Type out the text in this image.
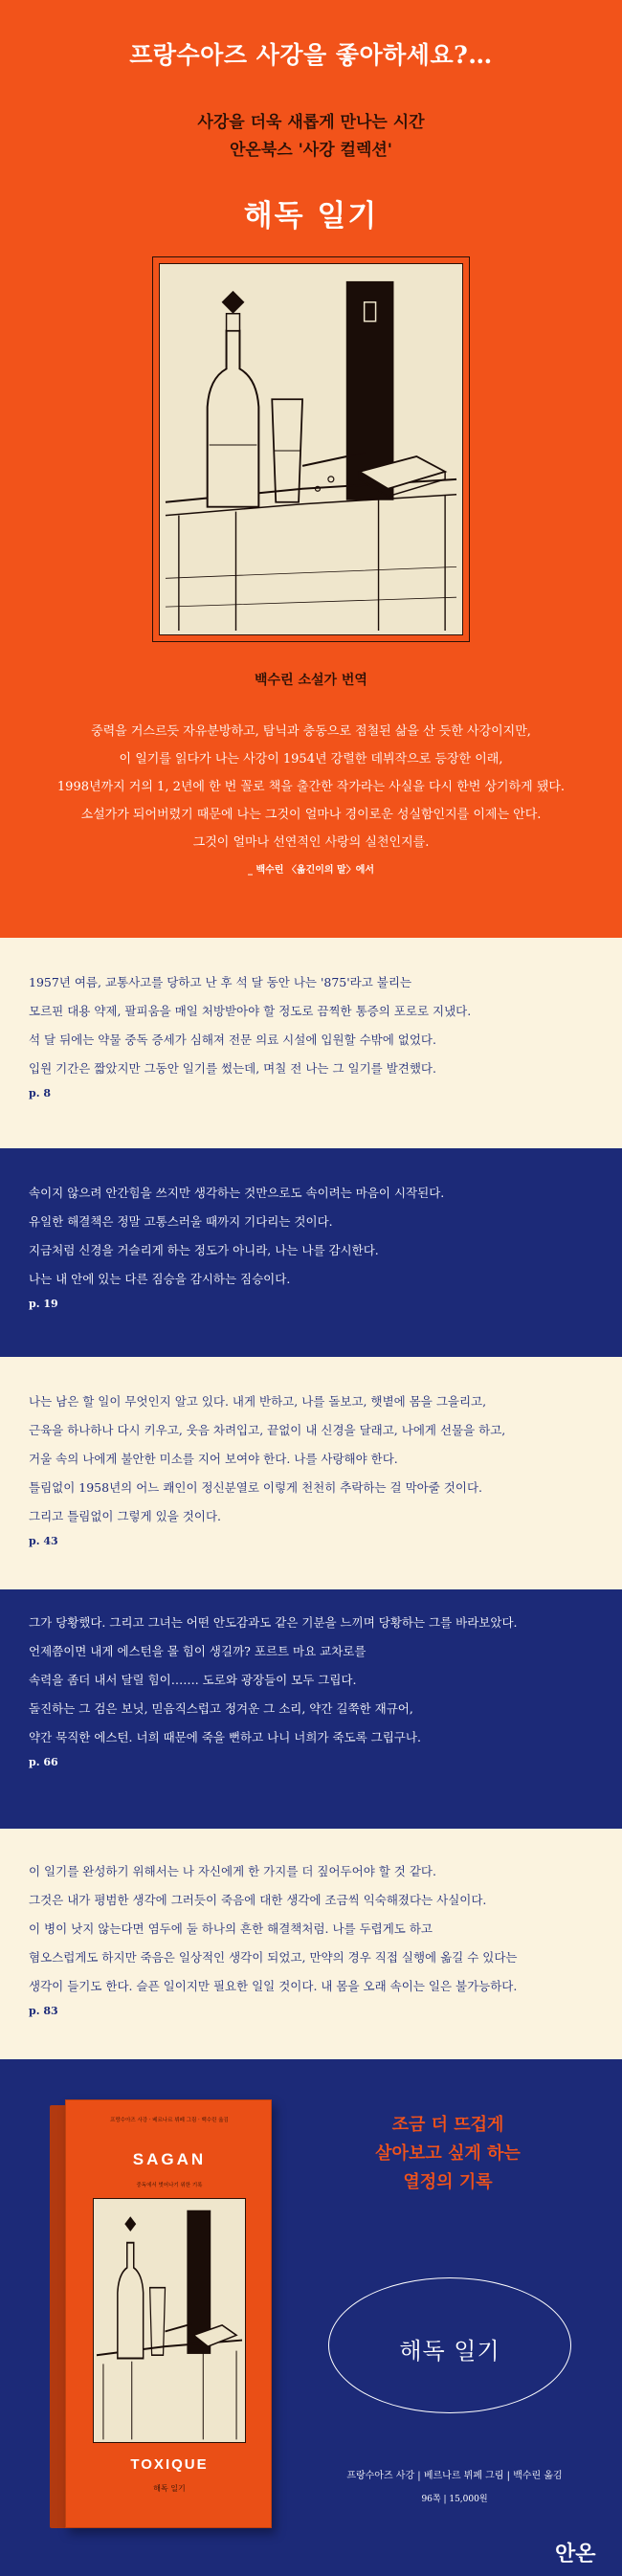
프랑수아즈 사강을 좋아하세요?…
사강을 더욱 새롭게 만나는 시간
안온북스 '사강 컬렉션'
해독 일기
백수린 소설가 번역
중력을 거스르듯 자유분방하고, 탐닉과 충동으로 점철된 삶을 산 듯한 사강이지만,
이 일기를 읽다가 나는 사강이 1954년 강렬한 데뷔작으로 등장한 이래,
1998년까지 거의 1, 2년에 한 번 꼴로 책을 출간한 작가라는 사실을 다시 한번 상기하게 됐다.
소설가가 되어버렸기 때문에 나는 그것이 얼마나 경이로운 성실함인지를 이제는 안다.
그것이 얼마나 선연적인 사랑의 실천인지를.
_ 백수린 〈옮긴이의 말〉에서
1957년 여름, 교통사고를 당하고 난 후 석 달 동안 나는 '875'라고 불리는
모르핀 대용 약제, 팔피움을 매일 처방받아야 할 정도로 끔찍한 통증의 포로로 지냈다.
석 달 뒤에는 약물 중독 증세가 심해져 전문 의료 시설에 입원할 수밖에 없었다.
입원 기간은 짧았지만 그동안 일기를 썼는데, 며칠 전 나는 그 일기를 발견했다.
p. 8
속이지 않으려 안간힘을 쓰지만 생각하는 것만으로도 속이려는 마음이 시작된다.
유일한 해결책은 정말 고통스러울 때까지 기다리는 것이다.
지금처럼 신경을 거슬리게 하는 정도가 아니라, 나는 나를 감시한다.
나는 내 안에 있는 다른 짐승을 감시하는 짐승이다.
p. 19
나는 남은 할 일이 무엇인지 알고 있다. 내게 반하고, 나를 돌보고, 햇볕에 몸을 그을리고,
근육을 하나하나 다시 키우고, 웃음 차려입고, 끝없이 내 신경을 달래고, 나에게 선물을 하고,
거울 속의 나에게 불안한 미소를 지어 보여야 한다. 나를 사랑해야 한다.
틀림없이 1958년의 어느 쾌인이 정신분열로 이렇게 천천히 추락하는 걸 막아줄 것이다.
그리고 틀림없이 그렇게 있을 것이다.
p. 43
그가 당황했다. 그리고 그녀는 어떤 안도감과도 같은 기분을 느끼며 당황하는 그를 바라보았다.
언제쯤이면 내게 에스턴을 몰 힘이 생길까? 포르트 마요 교차로를
속력을 좀더 내서 달릴 힘이……. 도로와 광장들이 모두 그립다.
돌진하는 그 검은 보닛, 믿음직스럽고 정겨운 그 소리, 약간 길쭉한 재규어,
약간 묵직한 에스턴. 너희 때문에 죽을 뻔하고 나니 너희가 죽도록 그립구나.
p. 66
이 일기를 완성하기 위해서는 나 자신에게 한 가지를 더 짚어두어야 할 것 같다.
그것은 내가 평범한 생각에 그러듯이 죽음에 대한 생각에 조금씩 익숙해졌다는 사실이다.
이 병이 낫지 않는다면 염두에 둘 하나의 흔한 해결책처럼. 나를 두렵게도 하고
혐오스럽게도 하지만 죽음은 일상적인 생각이 되었고, 만약의 경우 직접 실행에 옮길 수 있다는
생각이 들기도 한다. 슬픈 일이지만 필요한 일일 것이다. 내 몸을 오래 속이는 일은 불가능하다.
p. 83
프랑수아즈 사강 · 베르나르 뷔페 그림 · 백수린 옮김
SAGAN
중독에서 벗어나기 위한 기록
TOXIQUE
해독 일기
조금 더 뜨겁게
살아보고 싶게 하는
열정의 기록
해독 일기
프랑수아즈 사강 | 베르나르 뷔페 그림 | 백수린 옮김
96쪽 | 15,000원
안온
